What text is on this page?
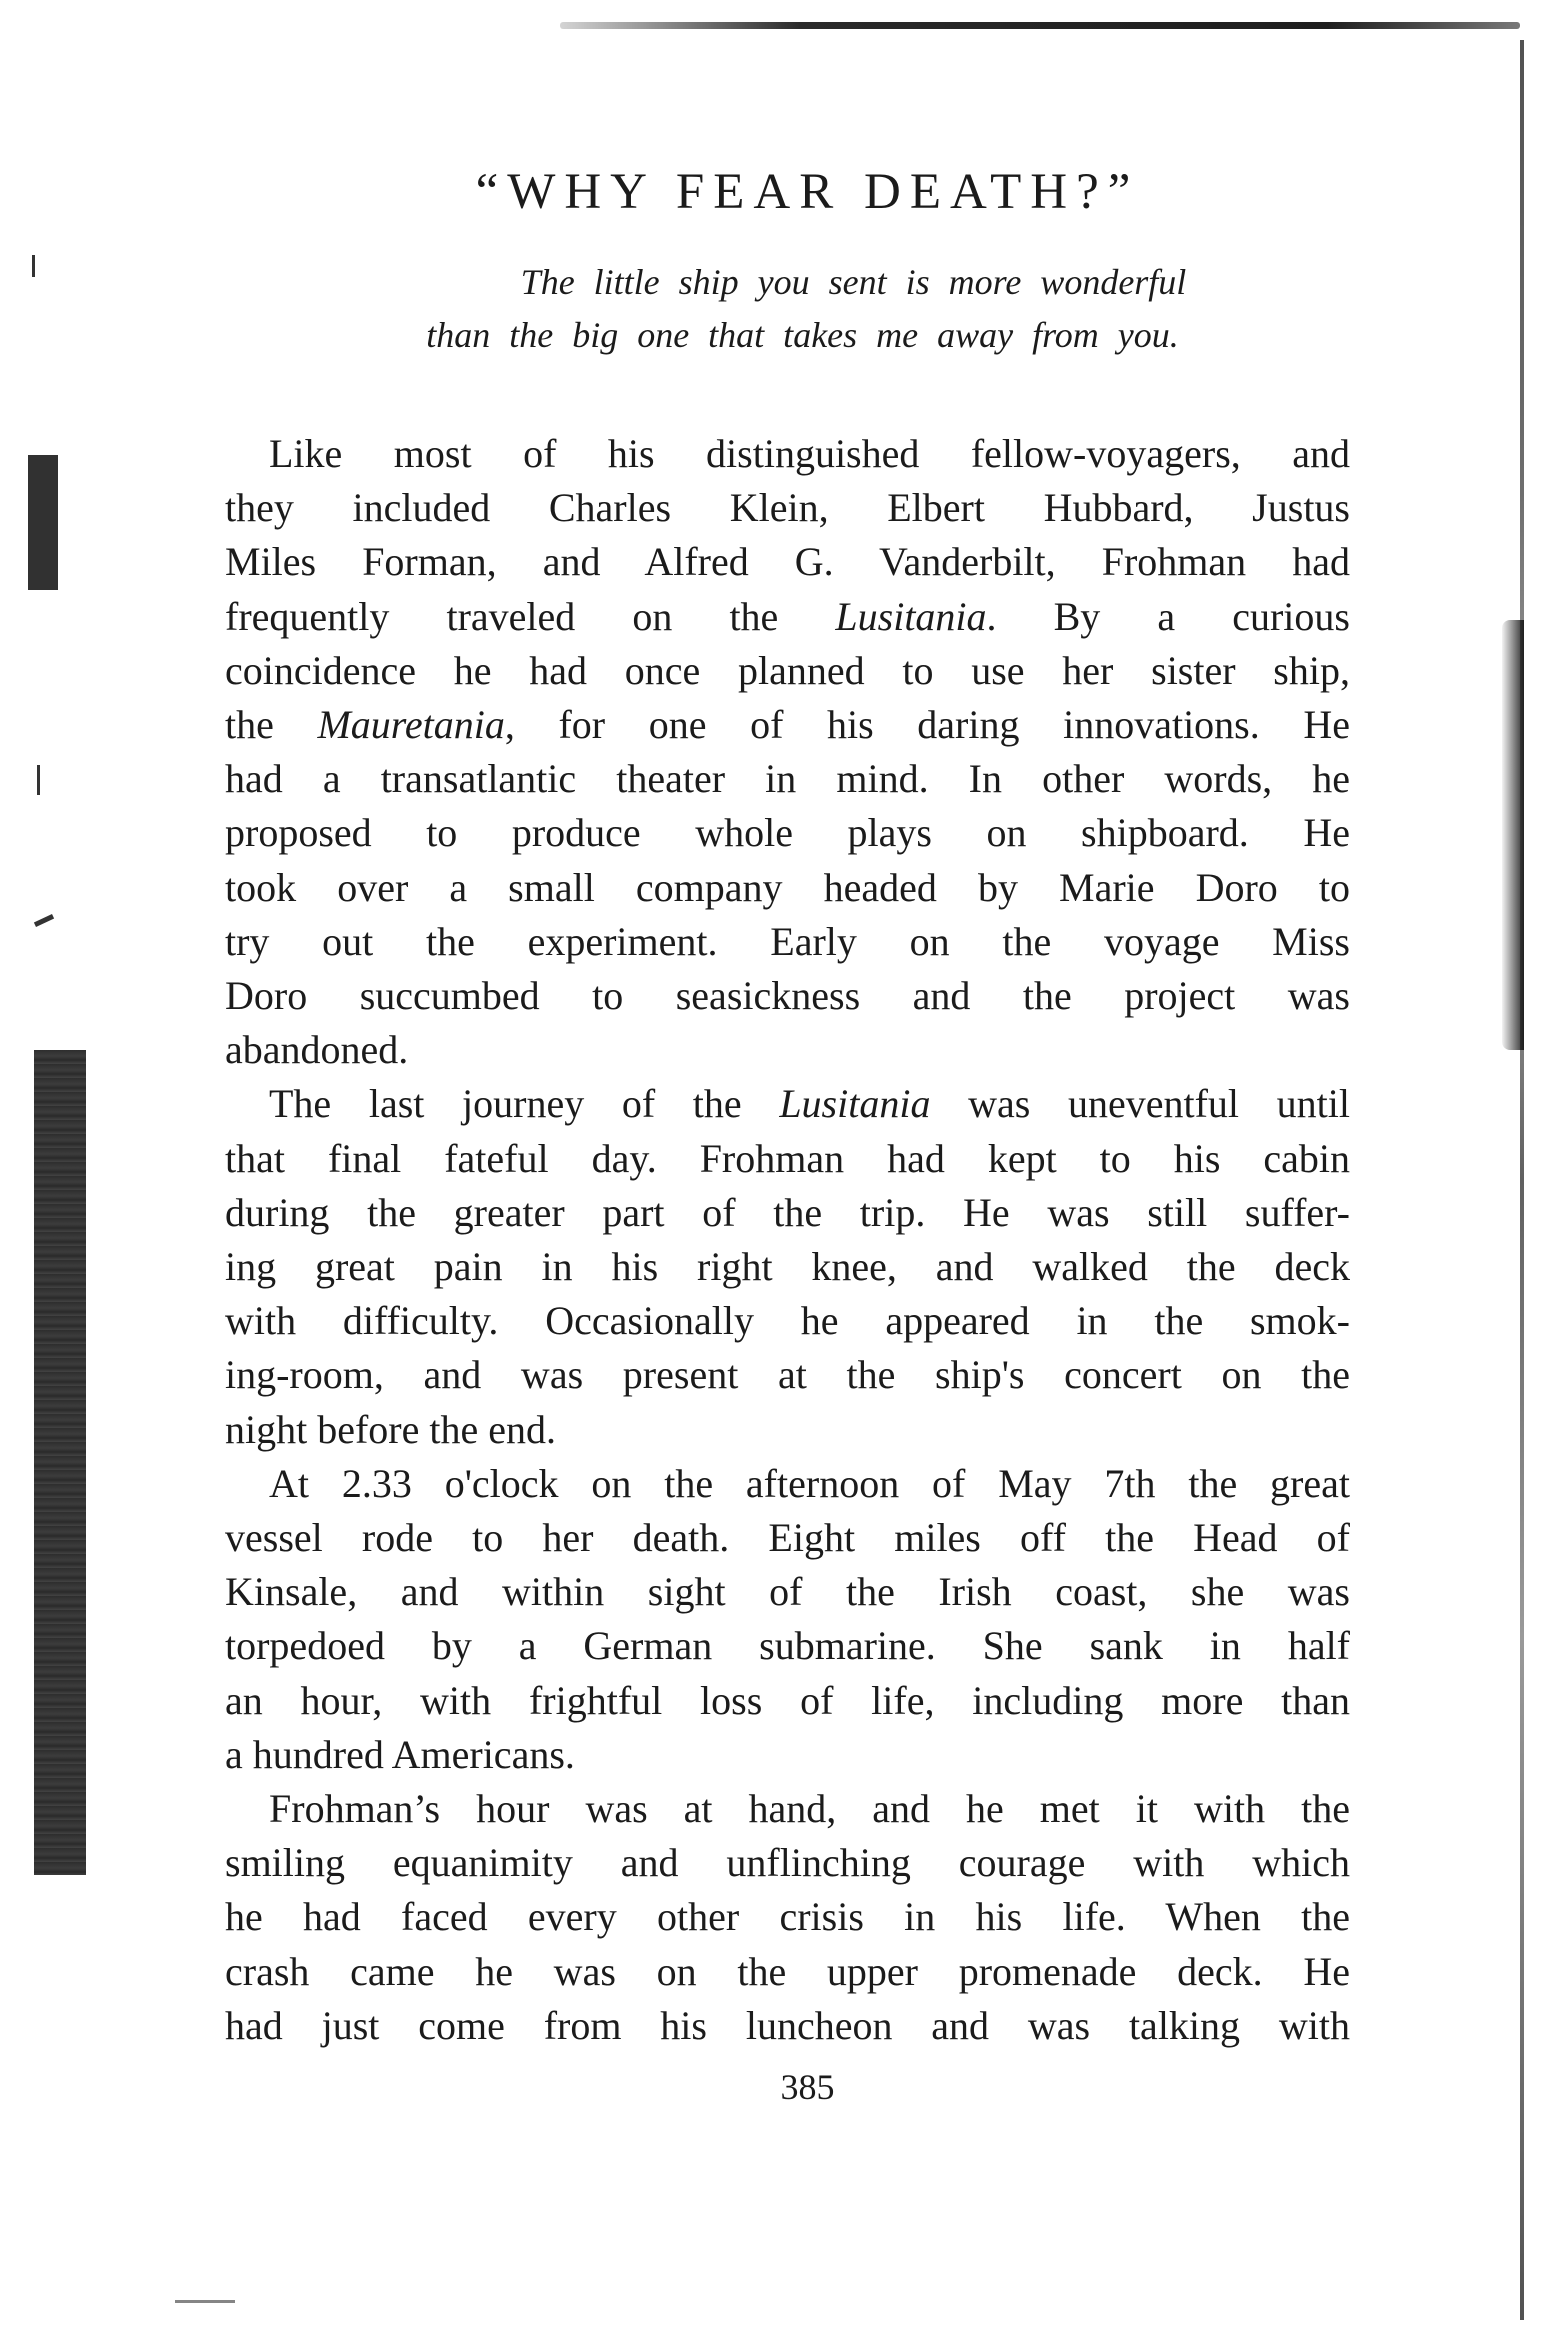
“WHY FEAR DEATH?”
The little ship you sent is more wonderful
than the big one that takes me away from you.

Like most of his distinguished fellow-voyagers, and
they included Charles Klein, Elbert Hubbard, Justus
Miles Forman, and Alfred G. Vanderbilt, Frohman had
frequently traveled on the Lusitania. By a curious
coincidence he had once planned to use her sister ship,
the Mauretania, for one of his daring innovations. He
had a transatlantic theater in mind. In other words, he
proposed to produce whole plays on shipboard. He
took over a small company headed by Marie Doro to
try out the experiment. Early on the voyage Miss
Doro succumbed to seasickness and the project was
abandoned.

The last journey of the Lusitania was uneventful until
that final fateful day. Frohman had kept to his cabin
during the greater part of the trip. He was still suffer-
ing great pain in his right knee, and walked the deck
with difficulty. Occasionally he appeared in the smok-
ing-room, and was present at the ship's concert on the
night before the end.

At 2.33 o'clock on the afternoon of May 7th the great
vessel rode to her death. Eight miles off the Head of
Kinsale, and within sight of the Irish coast, she was
torpedoed by a German submarine. She sank in half
an hour, with frightful loss of life, including more than
a hundred Americans.

Frohman’s hour was at hand, and he met it with the
smiling equanimity and unflinching courage with which
he had faced every other crisis in his life. When the
crash came he was on the upper promenade deck. He
had just come from his luncheon and was talking with

385
